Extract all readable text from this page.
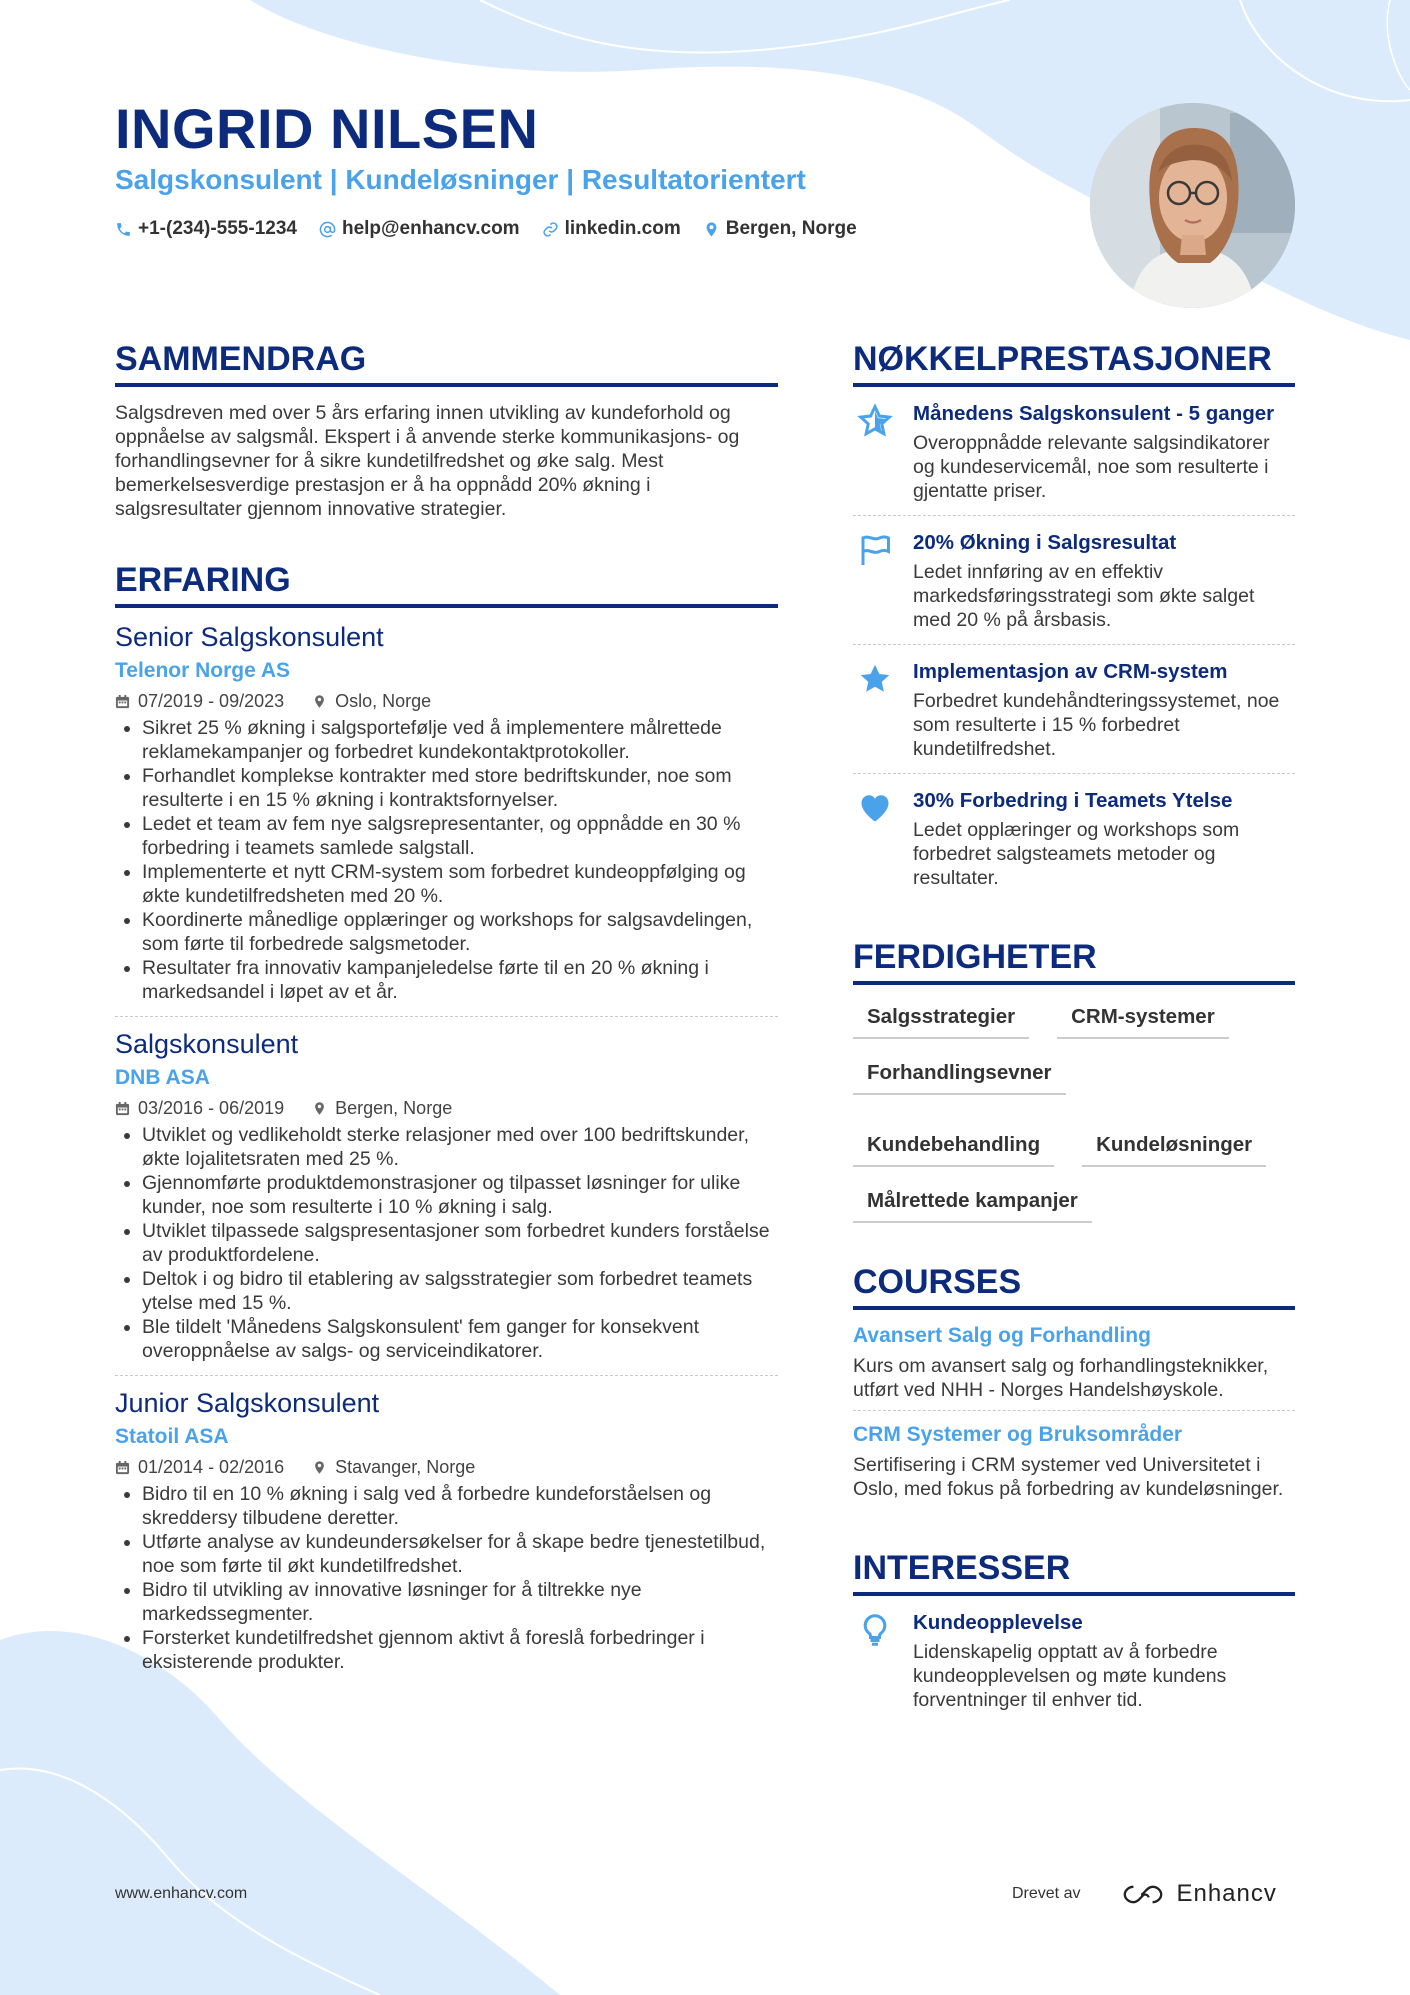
INGRID NILSEN
Salgskonsulent | Kundeløsninger | Resultatorientert
+1-(234)-555-1234 help@enhancv.com linkedin.com Bergen, Norge
SAMMENDRAG
Salgsdreven med over 5 års erfaring innen utvikling av kundeforhold og oppnåelse av salgsmål. Ekspert i å anvende sterke kommunikasjons- og forhandlingsevner for å sikre kundetilfredshet og øke salg. Mest bemerkelsesverdige prestasjon er å ha oppnådd 20% økning i salgsresultater gjennom innovative strategier.
ERFARING
Senior Salgskonsulent
Telenor Norge AS
07/2019 - 09/2023	Oslo, Norge
• Sikret 25 % økning i salgsportefølje ved å implementere målrettede reklamekampanjer og forbedret kundekontaktprotokoller.
• Forhandlet komplekse kontrakter med store bedriftskunder, noe som resulterte i en 15 % økning i kontraktsfornyelser.
• Ledet et team av fem nye salgsrepresentanter, og oppnådde en 30 % forbedring i teamets samlede salgstall.
• Implementerte et nytt CRM-system som forbedret kundeoppfølging og økte kundetilfredsheten med 20 %.
• Koordinerte månedlige opplæringer og workshops for salgsavdelingen, som førte til forbedrede salgsmetoder.
• Resultater fra innovativ kampanjeledelse førte til en 20 % økning i markedsandel i løpet av et år.
Salgskonsulent
DNB ASA
03/2016 - 06/2019	Bergen, Norge
• Utviklet og vedlikeholdt sterke relasjoner med over 100 bedriftskunder, økte lojalitetsraten med 25 %.
• Gjennomførte produktdemonstrasjoner og tilpasset løsninger for ulike kunder, noe som resulterte i 10 % økning i salg.
• Utviklet tilpassede salgspresentasjoner som forbedret kunders forståelse av produktfordelene.
• Deltok i og bidro til etablering av salgsstrategier som forbedret teamets ytelse med 15 %.
• Ble tildelt 'Månedens Salgskonsulent' fem ganger for konsekvent overoppnåelse av salgs- og serviceindikatorer.
Junior Salgskonsulent
Statoil ASA
01/2014 - 02/2016	Stavanger, Norge
• Bidro til en 10 % økning i salg ved å forbedre kundeforståelsen og skreddersy tilbudene deretter.
• Utførte analyse av kundeundersøkelser for å skape bedre tjenestetilbud, noe som førte til økt kundetilfredshet.
• Bidro til utvikling av innovative løsninger for å tiltrekke nye markedssegmenter.
• Forsterket kundetilfredshet gjennom aktivt å foreslå forbedringer i eksisterende produkter.
NØKKELPRESTASJONER
Månedens Salgskonsulent - 5 ganger
Overoppnådde relevante salgsindikatorer og kundeservicemål, noe som resulterte i gjentatte priser.
20% Økning i Salgsresultat
Ledet innføring av en effektiv markedsføringsstrategi som økte salget med 20 % på årsbasis.
Implementasjon av CRM-system
Forbedret kundehåndteringssystemet, noe som resulterte i 15 % forbedret kundetilfredshet.
30% Forbedring i Teamets Ytelse
Ledet opplæringer og workshops som forbedret salgsteamets metoder og resultater.
FERDIGHETER
Salgsstrategier	CRM-systemer
Forhandlingsevner
Kundebehandling	Kundeløsninger
Målrettede kampanjer
COURSES
Avansert Salg og Forhandling
Kurs om avansert salg og forhandlingsteknikker, utført ved NHH - Norges Handelshøyskole.
CRM Systemer og Bruksområder
Sertifisering i CRM systemer ved Universitetet i Oslo, med fokus på forbedring av kundeløsninger.
INTERESSER
Kundeopplevelse
Lidenskapelig opptatt av å forbedre kundeopplevelsen og møte kundens forventninger til enhver tid.
www.enhancv.com	Drevet av	Enhancv
